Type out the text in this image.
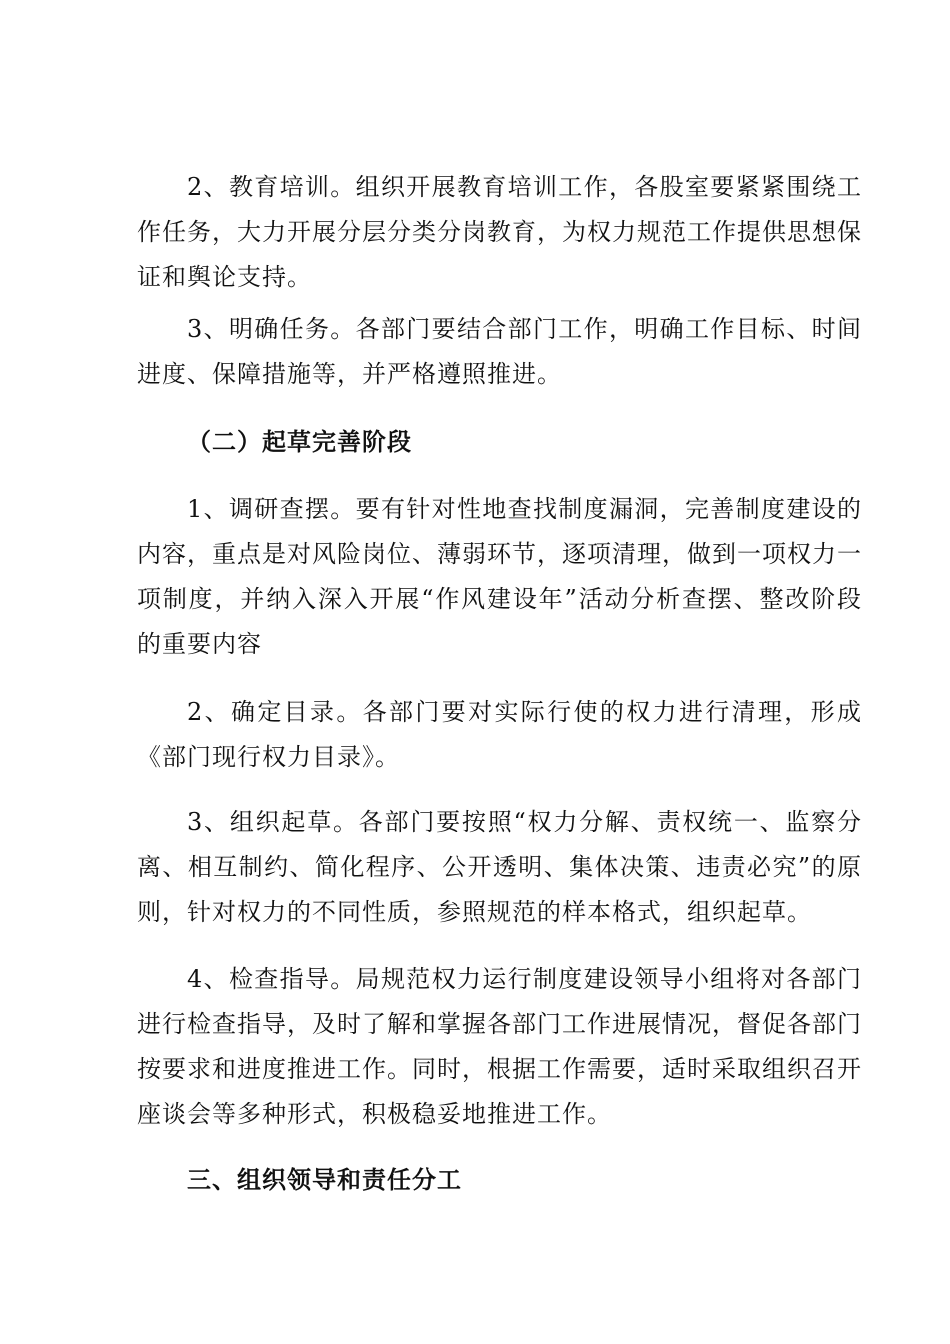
2、教育培训。组织开展教育培训工作，各股室要紧紧围绕工作任务，大力开展分层分类分岗教育，为权力规范工作提供思想保证和舆论支持。

3、明确任务。各部门要结合部门工作，明确工作目标、时间进度、保障措施等，并严格遵照推进。

（二）起草完善阶段

1、调研查摆。要有针对性地查找制度漏洞，完善制度建设的内容，重点是对风险岗位、薄弱环节，逐项清理，做到一项权力一项制度，并纳入深入开展“作风建设年”活动分析查摆、整改阶段的重要内容

2、确定目录。各部门要对实际行使的权力进行清理，形成《部门现行权力目录》。

3、组织起草。各部门要按照“权力分解、责权统一、监察分离、相互制约、简化程序、公开透明、集体决策、违责必究”的原则，针对权力的不同性质，参照规范的样本格式，组织起草。

4、检查指导。局规范权力运行制度建设领导小组将对各部门进行检查指导，及时了解和掌握各部门工作进展情况，督促各部门按要求和进度推进工作。同时，根据工作需要，适时采取组织召开座谈会等多种形式，积极稳妥地推进工作。

三、组织领导和责任分工
